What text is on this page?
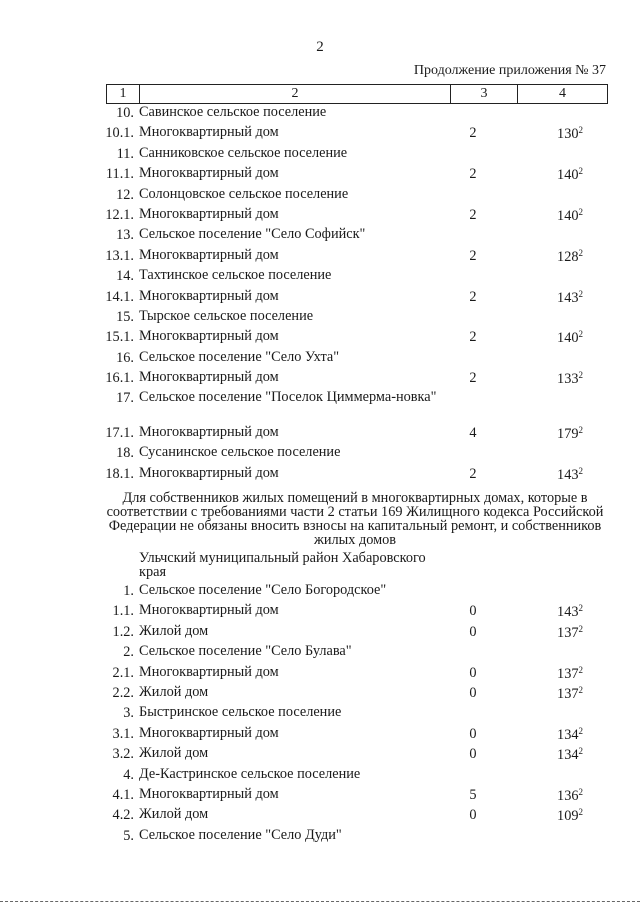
2
Продолжение приложения № 37
1	2	3	4
10. Савинское сельское поселение
10.1. Многоквартирный дом	2	$130^2$
11. Санниковское сельское поселение
11.1. Многоквартирный дом	2	$140^2$
12. Солонцовское сельское поселение
12.1. Многоквартирный дом	2	$140^2$
13. Сельское поселение "Село Софийск"
13.1. Многоквартирный дом	2	$128^2$
14. Тахтинское сельское поселение
14.1. Многоквартирный дом	2	$143^2$
15. Тырское сельское поселение
15.1. Многоквартирный дом	2	$140^2$
16. Сельское поселение "Село Ухта"
16.1. Многоквартирный дом	2	$133^2$
17. Сельское поселение "Поселок Циммерма-новка"
17.1. Многоквартирный дом	4	$179^2$
18. Сусанинское сельское поселение
18.1. Многоквартирный дом	2	$143^2$
Для собственников жилых помещений в многоквартирных домах, которые в соответствии с требованиями части 2 статьи 169 Жилищного кодекса Российской Федерации не обязаны вносить взносы на капитальный ремонт, и собственников жилых домов
Ульчский муниципальный район Хабаровского края
1. Сельское поселение "Село Богородское"
1.1. Многоквартирный дом	0	$143^2$
1.2. Жилой дом	0	$137^2$
2. Сельское поселение "Село Булава"
2.1. Многоквартирный дом	0	$137^2$
2.2. Жилой дом	0	$137^2$
3. Быстринское сельское поселение
3.1. Многоквартирный дом	0	$134^2$
3.2. Жилой дом	0	$134^2$
4. Де-Кастринское сельское поселение
4.1. Многоквартирный дом	5	$136^2$
4.2. Жилой дом	0	$109^2$
5. Сельское поселение "Село Дуди"
